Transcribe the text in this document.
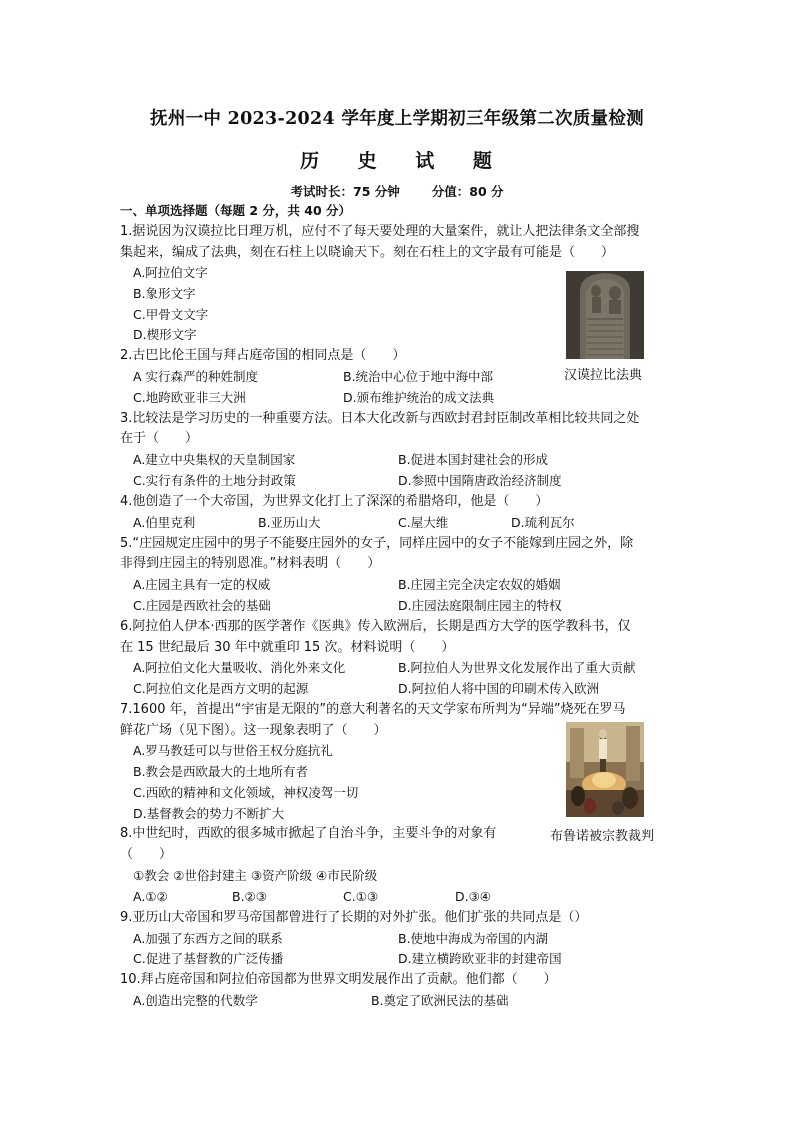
抚州一中 2023-2024 学年度上学期初三年级第二次质量检测
历 史 试 题
考试时长：75 分钟	分值：80 分
一、单项选择题（每题 2 分，共 40 分）
1.据说因为汉谟拉比日理万机，应付不了每天要处理的大量案件，就让人把法律条文全部搜
集起来，编成了法典，刻在石柱上以晓谕天下。刻在石柱上的文字最有可能是（　　）
A.阿拉伯文字
B.象形文字
C.甲骨文文字
D.楔形文字
汉谟拉比法典
2.古巴比伦王国与拜占庭帝国的相同点是（　　）
A 实行森严的种姓制度	B.统治中心位于地中海中部
C.地跨欧亚非三大洲	D.颁布维护统治的成文法典
3.比较法是学习历史的一种重要方法。日本大化改新与西欧封君封臣制改革相比较共同之处
在于（　　）
A.建立中央集权的天皇制国家	B.促进本国封建社会的形成
C.实行有条件的土地分封政策	D.参照中国隋唐政治经济制度
4.他创造了一个大帝国，为世界文化打上了深深的希腊烙印，他是（　　）
A.伯里克利	B.亚历山大	C.屋大维	D.琉利瓦尔
5.“庄园规定庄园中的男子不能娶庄园外的女子，同样庄园中的女子不能嫁到庄园之外，除
非得到庄园主的特别恩准。”材料表明（　　）
A.庄园主具有一定的权威	B.庄园主完全决定农奴的婚姻
C.庄园是西欧社会的基础	D.庄园法庭限制庄园主的特权
6.阿拉伯人伊本·西那的医学著作《医典》传入欧洲后，长期是西方大学的医学教科书，仅
在 15 世纪最后 30 年中就重印 15 次。材料说明（　　）
A.阿拉伯文化大量吸收、消化外来文化	B.阿拉伯人为世界文化发展作出了重大贡献
C.阿拉伯文化是西方文明的起源	D.阿拉伯人将中国的印刷术传入欧洲
7.1600 年，首提出“宇宙是无限的”的意大利著名的天文学家布所判为“异端”烧死在罗马
鲜花广场（见下图）。这一现象表明了（　　）
A.罗马教廷可以与世俗王权分庭抗礼
B.教会是西欧最大的土地所有者
C.西欧的精神和文化领域，神权凌驾一切
D.基督教会的势力不断扩大
8.中世纪时，西欧的很多城市掀起了自治斗争，主要斗争的对象有	布鲁诺被宗教裁判
（　　）
①教会 ②世俗封建主 ③资产阶级 ④市民阶级
A.①②	B.②③	C.①③	D.③④
9.亚历山大帝国和罗马帝国都曾进行了长期的对外扩张。他们扩张的共同点是（）
A.加强了东西方之间的联系	B.使地中海成为帝国的内湖
C.促进了基督教的广泛传播	D.建立横跨欧亚非的封建帝国
10.拜占庭帝国和阿拉伯帝国都为世界文明发展作出了贡献。他们都（　　）
A.创造出完整的代数学	B.奠定了欧洲民法的基础
